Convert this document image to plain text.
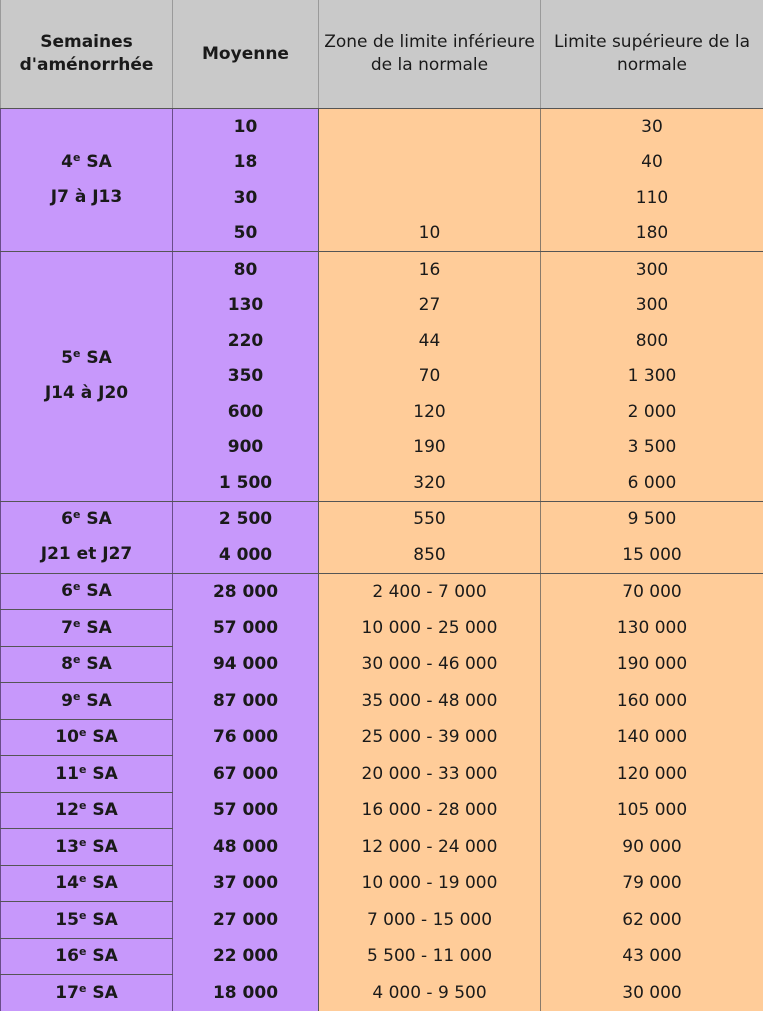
Semaines d'aménorrhée	Moyenne	Zone de limite inférieure de la normale	Limite supérieure de la normale

4e SA
J7 à J13	10		30
	18		40
	30		110
	50	10	180

5e SA
J14 à J20	80	16	300
	130	27	300
	220	44	800
	350	70	1 300
	600	120	2 000
	900	190	3 500
	1 500	320	6 000

6e SA
J21 et J27	2 500	550	9 500
	4 000	850	15 000
6e SA	28 000	2 400 - 7 000	70 000
7e SA	57 000	10 000 - 25 000	130 000
8e SA	94 000	30 000 - 46 000	190 000
9e SA	87 000	35 000 - 48 000	160 000
10e SA	76 000	25 000 - 39 000	140 000
11e SA	67 000	20 000 - 33 000	120 000
12e SA	57 000	16 000 - 28 000	105 000
13e SA	48 000	12 000 - 24 000	90 000
14e SA	37 000	10 000 - 19 000	79 000
15e SA	27 000	7 000 - 15 000	62 000
16e SA	22 000	5 500 - 11 000	43 000
17e SA	18 000	4 000 - 9 500	30 000
